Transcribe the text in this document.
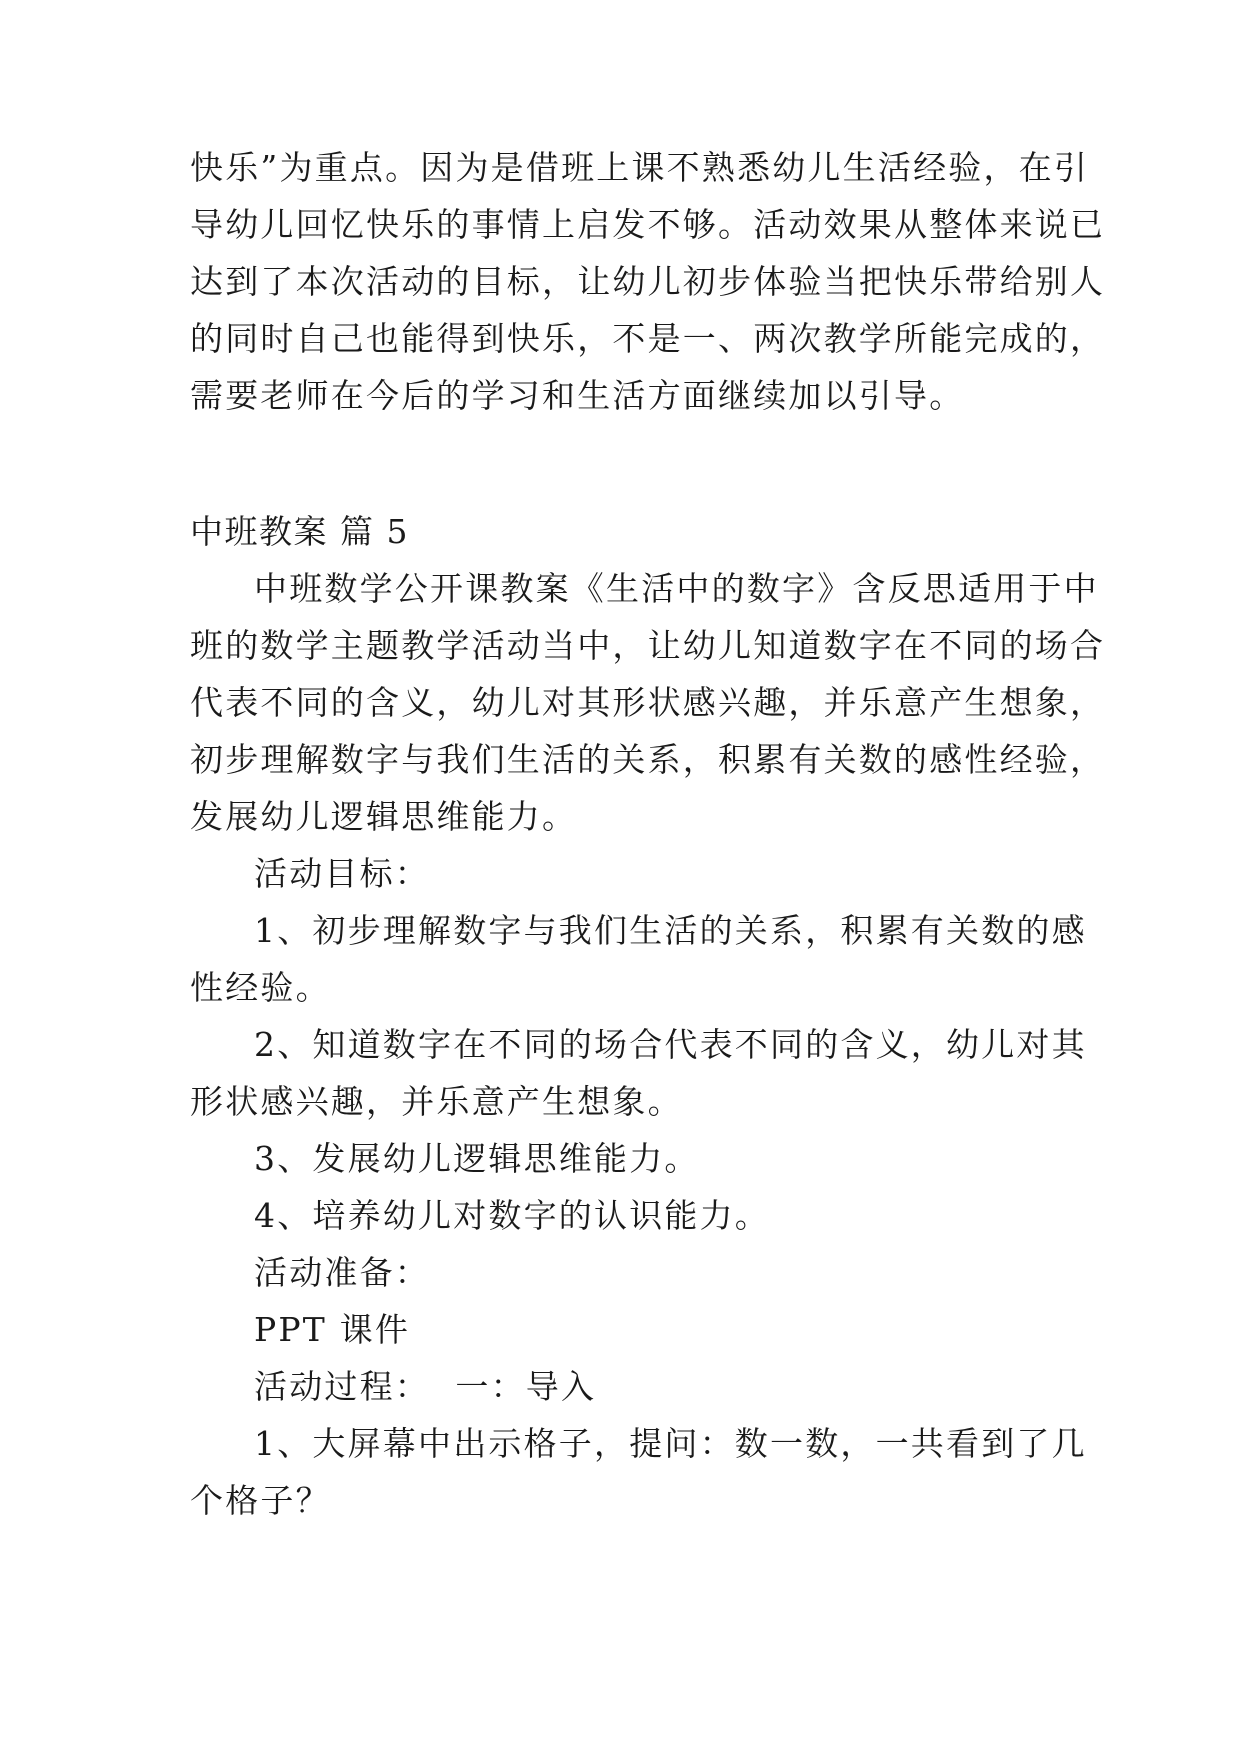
快乐”为重点。因为是借班上课不熟悉幼儿生活经验，在引
导幼儿回忆快乐的事情上启发不够。活动效果从整体来说已
达到了本次活动的目标，让幼儿初步体验当把快乐带给别人
的同时自己也能得到快乐，不是一、两次教学所能完成的，
需要老师在今后的学习和生活方面继续加以引导。
中班教案 篇 5
中班数学公开课教案《生活中的数字》含反思适用于中
班的数学主题教学活动当中，让幼儿知道数字在不同的场合
代表不同的含义，幼儿对其形状感兴趣，并乐意产生想象，
初步理解数字与我们生活的关系，积累有关数的感性经验，
发展幼儿逻辑思维能力。
活动目标：
1、初步理解数字与我们生活的关系，积累有关数的感
性经验。
2、知道数字在不同的场合代表不同的含义，幼儿对其
形状感兴趣，并乐意产生想象。
3、发展幼儿逻辑思维能力。
4、培养幼儿对数字的认识能力。
活动准备：
PPT 课件
活动过程：  一：导入
1、大屏幕中出示格子，提问：数一数，一共看到了几
个格子？
